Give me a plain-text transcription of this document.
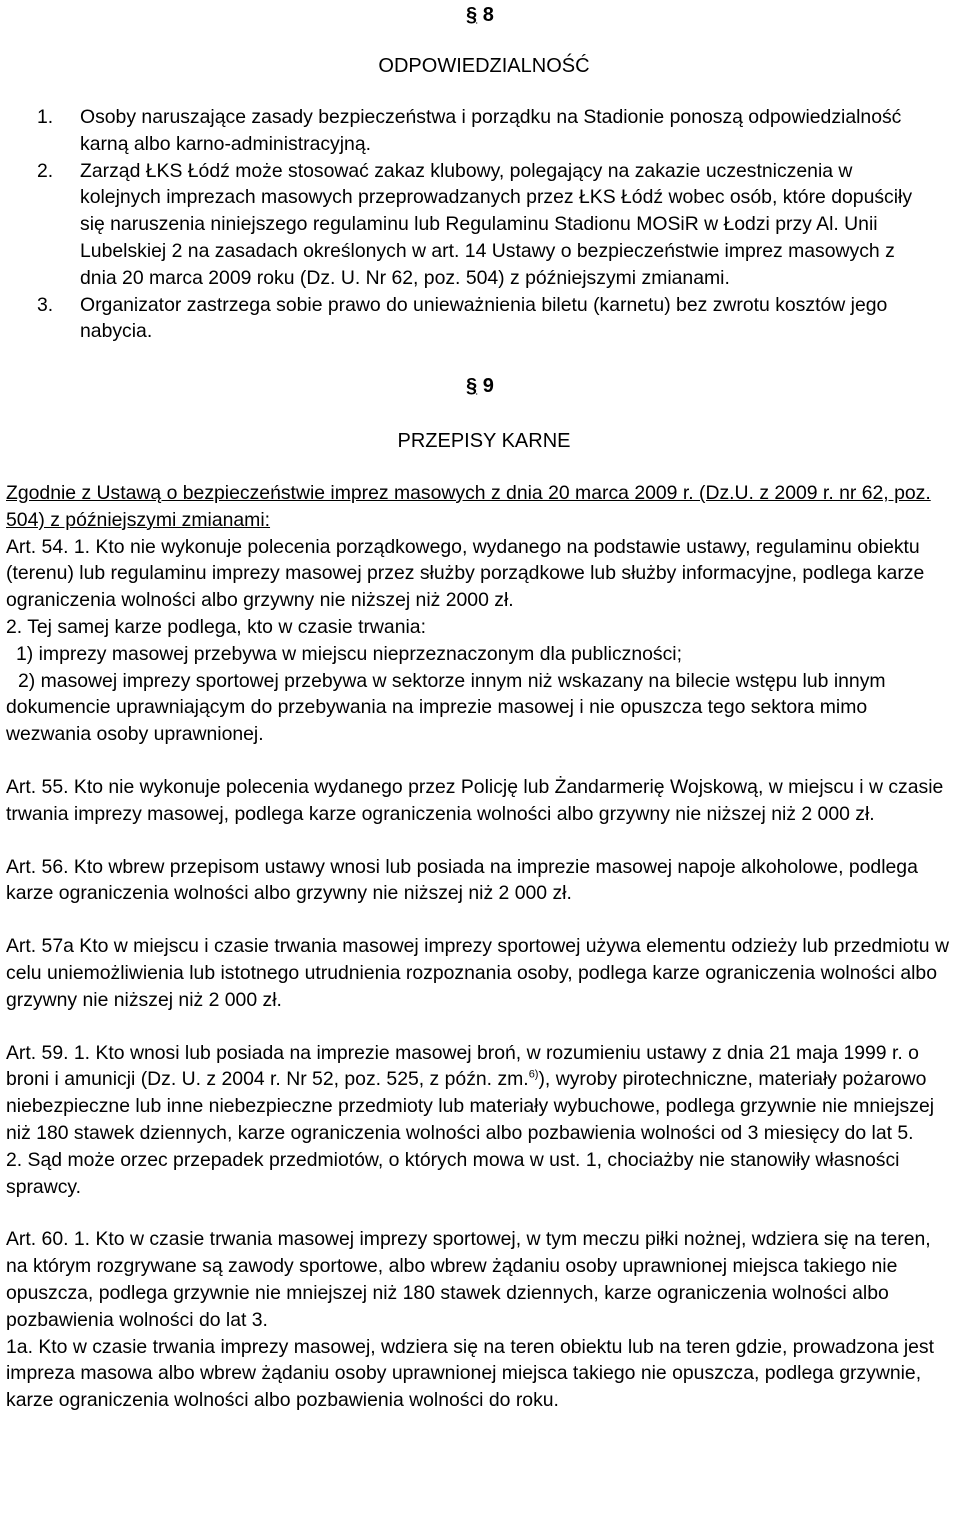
§ 8
ODPOWIEDZIALNOŚĆ
1. Osoby naruszające zasady bezpieczeństwa i porządku na Stadionie ponoszą odpowiedzialność karną albo karno-administracyjną.
2. Zarząd ŁKS Łódź może stosować zakaz klubowy, polegający na zakazie uczestniczenia w kolejnych imprezach masowych przeprowadzanych przez ŁKS Łódź wobec osób, które dopuściły się naruszenia niniejszego regulaminu lub Regulaminu Stadionu MOSiR w Łodzi przy Al. Unii Lubelskiej 2 na zasadach określonych w art. 14 Ustawy o bezpieczeństwie imprez masowych z dnia 20 marca 2009 roku (Dz. U. Nr 62, poz. 504) z późniejszymi zmianami.
3. Organizator zastrzega sobie prawo do unieważnienia biletu (karnetu) bez zwrotu kosztów jego nabycia.
§ 9
PRZEPISY KARNE

Zgodnie z Ustawą o bezpieczeństwie imprez masowych z dnia 20 marca 2009 r. (Dz.U. z 2009 r. nr 62, poz. 504) z późniejszymi zmianami:

Art. 54. 1. Kto nie wykonuje polecenia porządkowego, wydanego na podstawie ustawy, regulaminu obiektu (terenu) lub regulaminu imprezy masowej przez służby porządkowe lub służby informacyjne, podlega karze ograniczenia wolności albo grzywny nie niższej niż 2000 zł.

2. Tej samej karze podlega, kto w czasie trwania:

1) imprezy masowej przebywa w miejscu nieprzeznaczonym dla publiczności;

2) masowej imprezy sportowej przebywa w sektorze innym niż wskazany na bilecie wstępu lub innym dokumencie uprawniającym do przebywania na imprezie masowej i nie opuszcza tego sektora mimo wezwania osoby uprawnionej.

Art. 55. Kto nie wykonuje polecenia wydanego przez Policję lub Żandarmerię Wojskową, w miejscu i w czasie trwania imprezy masowej, podlega karze ograniczenia wolności albo grzywny nie niższej niż 2 000 zł.

Art. 56. Kto wbrew przepisom ustawy wnosi lub posiada na imprezie masowej napoje alkoholowe, podlega karze ograniczenia wolności albo grzywny nie niższej niż 2 000 zł.

Art. 57a Kto w miejscu i czasie trwania masowej imprezy sportowej używa elementu odzieży lub przedmiotu w celu uniemożliwienia lub istotnego utrudnienia rozpoznania osoby, podlega karze ograniczenia wolności albo grzywny nie niższej niż 2 000 zł.

Art. 59. 1. Kto wnosi lub posiada na imprezie masowej broń, w rozumieniu ustawy z dnia 21 maja 1999 r. o broni i amunicji (Dz. U. z 2004 r. Nr 52, poz. 525, z późn. zm.$^{6)}$), wyroby pirotechniczne, materiały pożarowo niebezpieczne lub inne niebezpieczne przedmioty lub materiały wybuchowe, podlega grzywnie nie mniejszej niż 180 stawek dziennych, karze ograniczenia wolności albo pozbawienia wolności od 3 miesięcy do lat 5.

2. Sąd może orzec przepadek przedmiotów, o których mowa w ust. 1, chociażby nie stanowiły własności sprawcy.

Art. 60. 1. Kto w czasie trwania masowej imprezy sportowej, w tym meczu piłki nożnej, wdziera się na teren, na którym rozgrywane są zawody sportowe, albo wbrew żądaniu osoby uprawnionej miejsca takiego nie opuszcza, podlega grzywnie nie mniejszej niż 180 stawek dziennych, karze ograniczenia wolności albo pozbawienia wolności do lat 3.

1a. Kto w czasie trwania imprezy masowej, wdziera się na teren obiektu lub na teren gdzie, prowadzona jest impreza masowa albo wbrew żądaniu osoby uprawnionej miejsca takiego nie opuszcza, podlega grzywnie, karze ograniczenia wolności albo pozbawienia wolności do roku.
